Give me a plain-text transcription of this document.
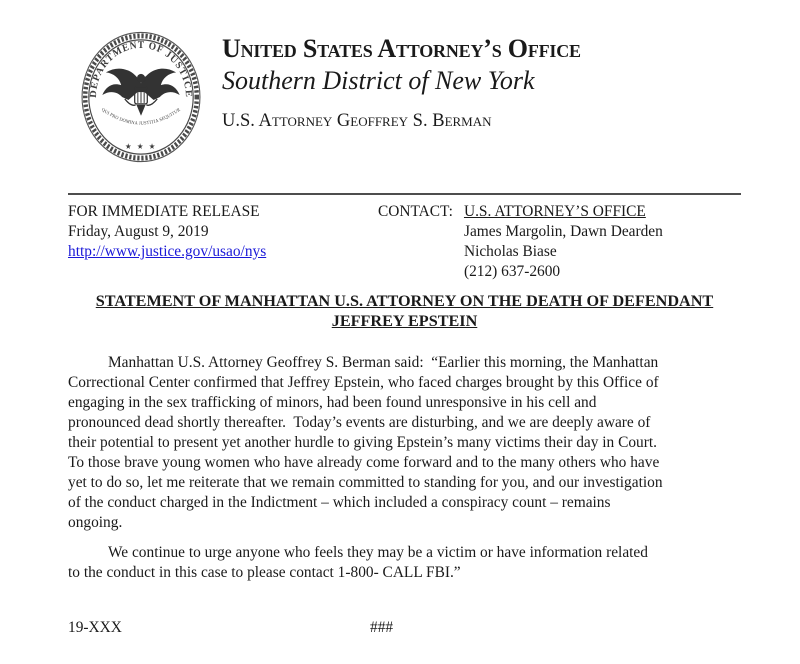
DEPARTMENT OF JUSTICE
QUI PRO DOMINA JUSTITIA SEQUITUR
★ ★ ★
United States Attorney’s Office
Southern District of New York
U.S. Attorney Geoffrey S. Berman
FOR IMMEDIATE RELEASE
Friday, August 9, 2019
http://www.justice.gov/usao/nys
CONTACT: U.S. ATTORNEY’S OFFICE
James Margolin, Dawn Dearden
Nicholas Biase
(212) 637-2600
STATEMENT OF MANHATTAN U.S. ATTORNEY ON THE DEATH OF DEFENDANT
JEFFREY EPSTEIN

Manhattan U.S. Attorney Geoffrey S. Berman said:  “Earlier this morning, the Manhattan
Correctional Center confirmed that Jeffrey Epstein, who faced charges brought by this Office of
engaging in the sex trafficking of minors, had been found unresponsive in his cell and
pronounced dead shortly thereafter.  Today’s events are disturbing, and we are deeply aware of
their potential to present yet another hurdle to giving Epstein’s many victims their day in Court.
To those brave young women who have already come forward and to the many others who have
yet to do so, let me reiterate that we remain committed to standing for you, and our investigation
of the conduct charged in the Indictment – which included a conspiracy count – remains
ongoing.

We continue to urge anyone who feels they may be a victim or have information related
to the conduct in this case to please contact 1-800- CALL FBI.”

19-XXX	###
